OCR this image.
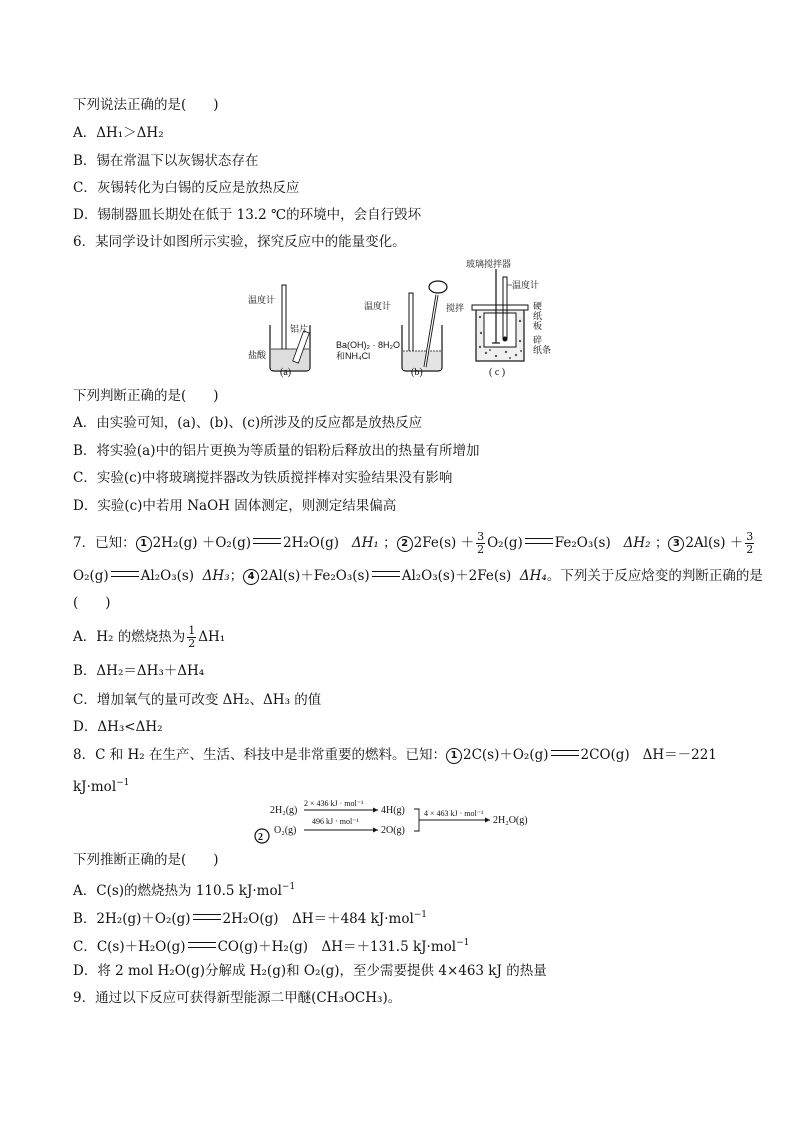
下列说法正确的是(　　)
A．ΔH₁＞ΔH₂
B．锡在常温下以灰锡状态存在
C．灰锡转化为白锡的反应是放热反应
D．锡制器皿长期处在低于 13.2 ℃的环境中，会自行毁坏
6．某同学设计如图所示实验，探究反应中的能量变化。
温度计
铝片
盐酸
(a)
温度计	搅拌
Ba(OH)₂ · 8H₂O
和NH₄Cl
(b)
玻璃搅拌器
温度计
硬
纸
板
碎
纸条
( c )
下列判断正确的是(　　)
A．由实验可知，(a)、(b)、(c)所涉及的反应都是放热反应
B．将实验(a)中的铝片更换为等质量的铝粉后释放出的热量有所增加
C．实验(c)中将玻璃搅拌器改为铁质搅拌棒对实验结果没有影响
D．实验(c)中若用 NaOH 固体测定，则测定结果偏高
7．已知： 1 2H₂(g) ＋O₂(g) 2H₂O(g) ΔH₁ ； 2 $2Fe(s) + \frac{3}{2} O_2(g)$ Fe₂O₃(s) ΔH₂ ； 3 $2Al(s) + \frac{3}{2}$
O₂(g) Al₂O₃(s) ΔH₃； 4 2Al(s)＋Fe₂O₃(s) Al₂O₃(s)＋2Fe(s) ΔH₄。下列关于反应焓变的判断正确的是
(　　)
A．H₂ 的燃烧热为 $\frac{1}{2} \Delta H_1$
B．ΔH₂＝ΔH₃＋ΔH₄
C．增加氧气的量可改变 ΔH₂、ΔH₃ 的值
D．ΔH₃<ΔH₂
8．C 和 H₂ 在生产、生活、科技中是非常重要的燃料。已知： 1 2C(s)＋O₂(g) 2CO(g) ΔH＝－221
kJ·mol$^{-1}$
2H₂(g)
2 × 436 kJ · mol⁻¹
4H(g)
2
O₂(g)
496 kJ · mol⁻¹
2O(g)
4 × 463 kJ · mol⁻¹
2H₂O(g)
下列推断正确的是(　　)
A．C(s)的燃烧热为 110.5 kJ·mol$^{-1}$
B．2H₂(g)＋O₂(g) 2H₂O(g)　ΔH＝＋484 kJ·mol$^{-1}$
C．C(s)＋H₂O(g) CO(g)＋H₂(g)　ΔH＝＋131.5 kJ·mol$^{-1}$
D．将 2 mol H₂O(g)分解成 H₂(g)和 O₂(g)，至少需要提供 4×463 kJ 的热量
9．通过以下反应可获得新型能源二甲醚(CH₃OCH₃)。
